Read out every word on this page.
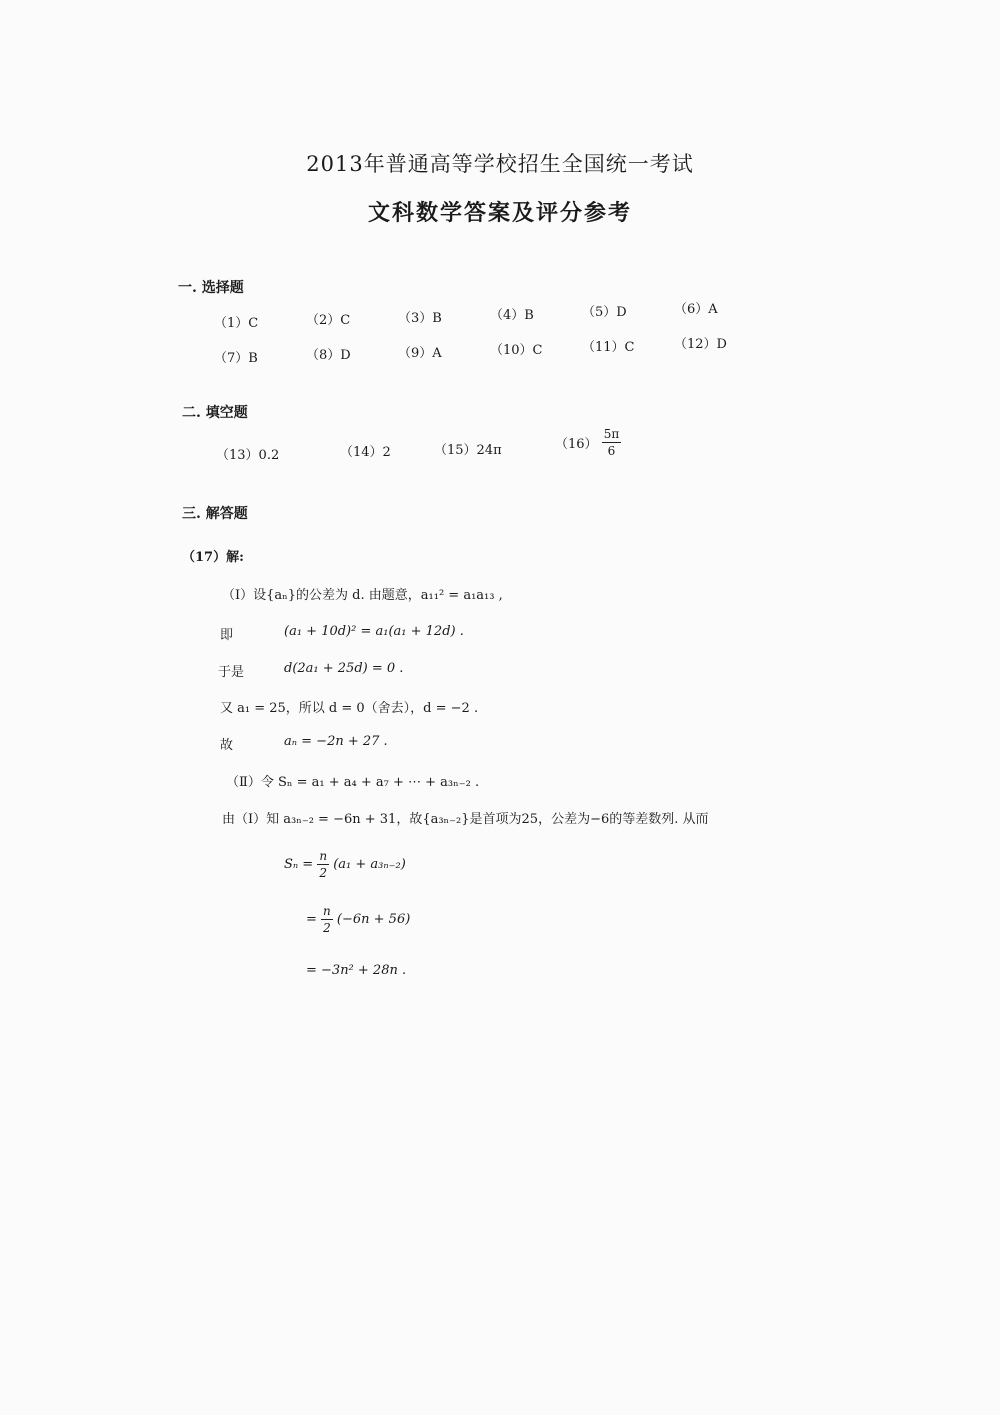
2013年普通高等学校招生全国统一考试
文科数学答案及评分参考
一. 选择题
（1）C	（2）C	（3）B	（4）B	（5）D	（6）A
（7）B	（8）D	（9）A	（10）C	（11）C	（12）D
二. 填空题
（13）0.2	（14）2	（15）24π	$(16) \frac{5\pi}{6}$
三. 解答题
（17）解:
（Ⅰ）设{aₙ}的公差为 d. 由题意，a₁₁² = a₁a₁₃ ,
即	(a₁ + 10d)² = a₁(a₁ + 12d) .
于是	d(2a₁ + 25d) = 0 .
又 a₁ = 25，所以 d = 0（舍去），d = −2 .
故	aₙ = −2n + 27 .
（Ⅱ）令 Sₙ = a₁ + a₄ + a₇ + ⋯ + a₃ₙ₋₂ .
由（Ⅰ）知 a₃ₙ₋₂ = −6n + 31，故{a₃ₙ₋₂}是首项为25，公差为−6的等差数列. 从而
$S_n = \frac{n}{2} (a_1 + a_{3n-2})$
= $\frac{n}{2} (-6n + 56)$
= −3n² + 28n .
